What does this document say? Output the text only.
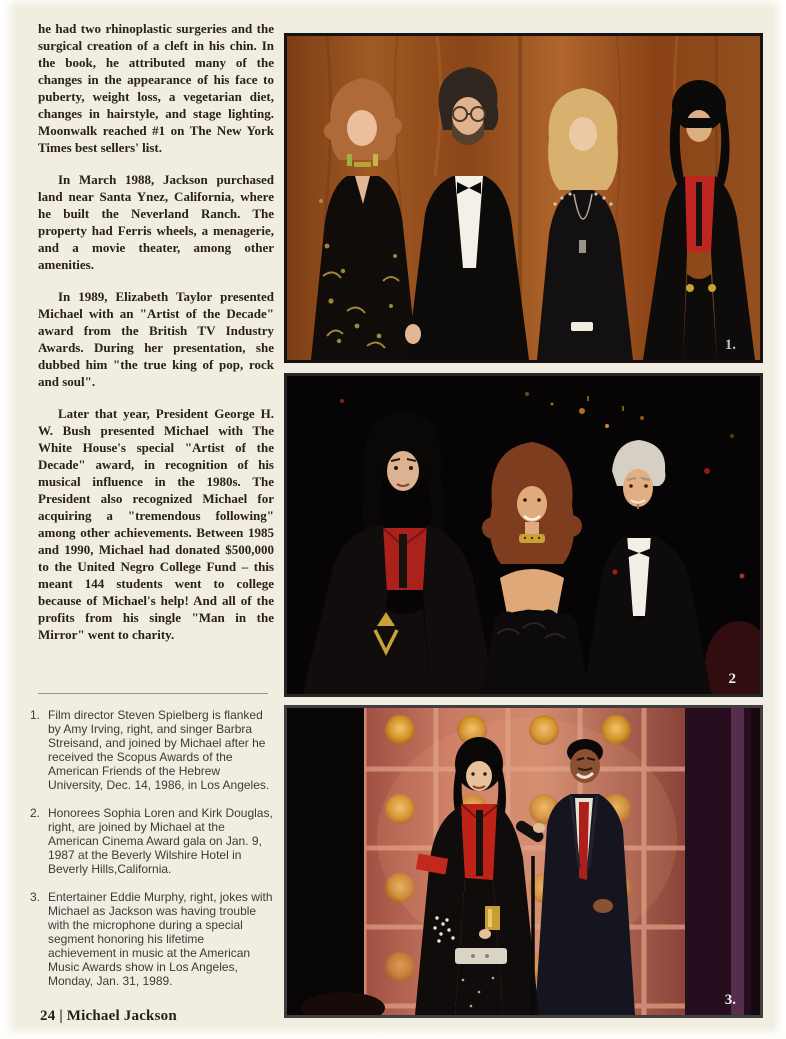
he had two rhinoplastic surgeries and the surgical creation of a cleft in his chin. In the book, he attributed many of the changes in the appearance of his face to puberty, weight loss, a vegetarian diet, changes in hairstyle, and stage lighting. Moonwalk reached #1 on The New York Times best sellers' list.

In March 1988, Jackson purchased land near Santa Ynez, California, where he built the Neverland Ranch. The property had Ferris wheels, a menagerie, and a movie theater, among other amenities.

In 1989, Elizabeth Taylor presented Michael with an "Artist of the Decade" award from the British TV Industry Awards. During her presentation, she dubbed him "the true king of pop, rock and soul".

Later that year, President George H. W. Bush presented Michael with The White House's special "Artist of the Decade" award, in recognition of his musical influence in the 1980s. The President also recognized Michael for acquiring a "tremendous following" among other achievements. Between 1985 and 1990, Michael had donated $500,000 to the United Negro College Fund – this meant 144 students went to college because of Michael's help! And all of the profits from his single "Man in the Mirror" went to charity.

1. Film director Steven Spielberg is flanked by Amy Irving, right, and singer Barbra Streisand, and joined by Michael after he received the Scopus Awards of the American Friends of the Hebrew University, Dec. 14, 1986, in Los Angeles.
2. Honorees Sophia Loren and Kirk Douglas, right, are joined by Michael at the American Cinema Award gala on Jan. 9, 1987 at the Beverly Wilshire Hotel in Beverly Hills,California.
3. Entertainer Eddie Murphy, right, jokes with Michael as Jackson was having trouble with the microphone during a special segment honoring his lifetime achievement in music at the American Music Awards show in Los Angeles, Monday, Jan. 31, 1989.
24 | Michael Jackson
1.
2
3.
